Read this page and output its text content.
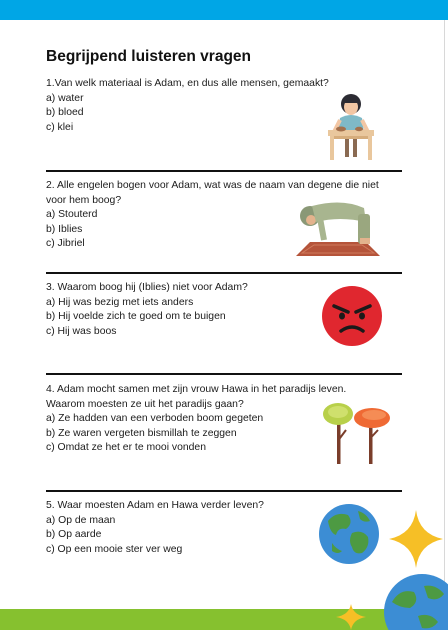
Begrijpend luisteren vragen

1.Van welk materiaal is Adam, en dus alle mensen, gemaakt?

a) water

b) bloed

c) klei

2. Alle engelen bogen voor Adam, wat was de naam van degene die niet

voor hem boog?

a) Stouterd

b) Iblies

c) Jibriel

3. Waarom boog hij (Iblies) niet voor Adam?

a) Hij was bezig met iets anders

b) Hij voelde zich te goed om te buigen

c) Hij was boos

4. Adam mocht samen met zijn vrouw Hawa in het paradijs leven.

Waarom moesten ze uit het paradijs gaan?

a) Ze hadden van een verboden boom gegeten

b) Ze waren vergeten bismillah te zeggen

c) Omdat ze het er te mooi vonden

5. Waar moesten Adam en Hawa verder leven?

a) Op de maan

b) Op aarde

c) Op een mooie ster ver weg
